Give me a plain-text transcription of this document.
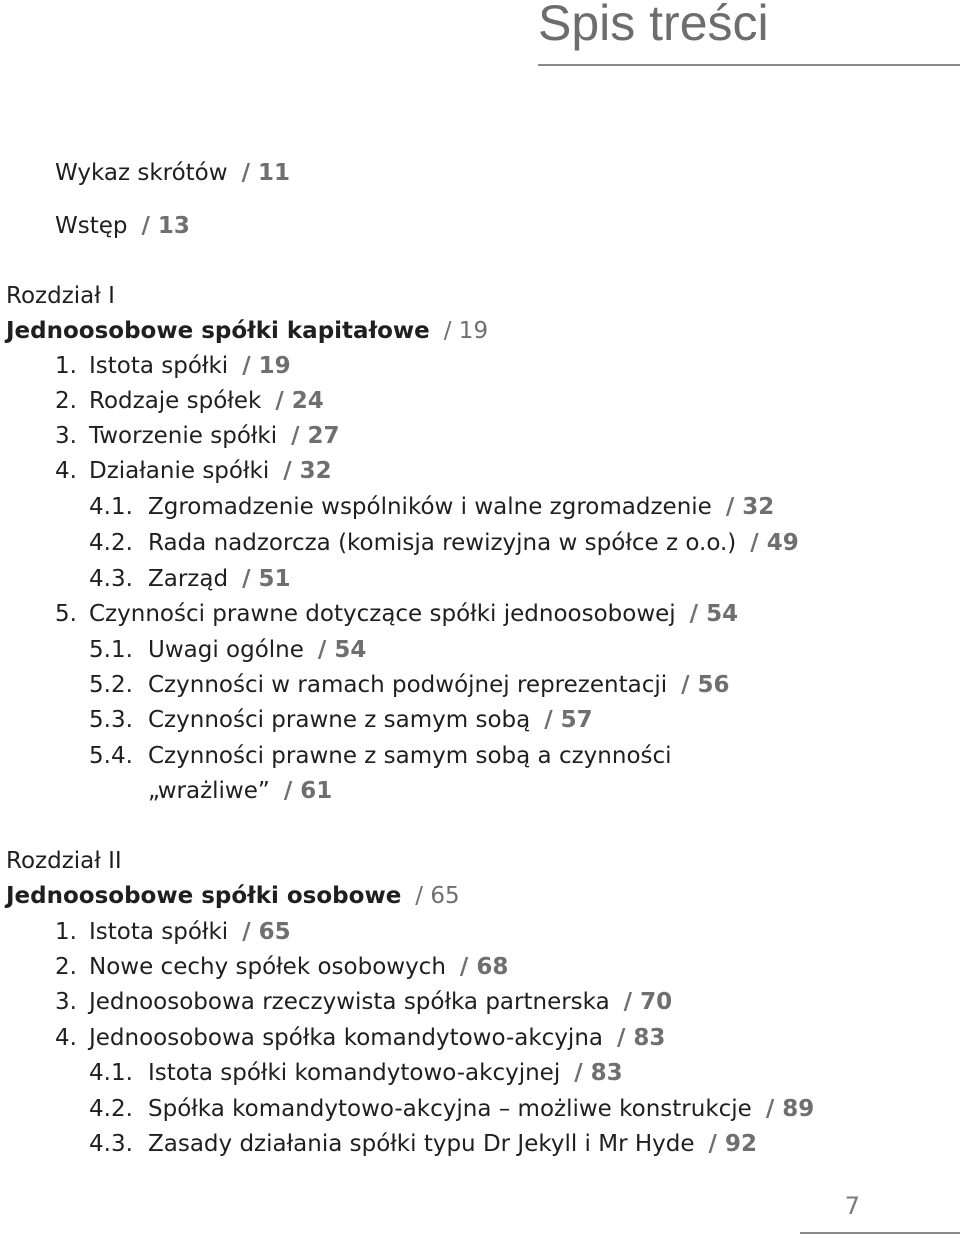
Spis treści
Wykaz skrótów / 11
Wstęp / 13
Rozdział I
Jednoosobowe spółki kapitałowe / 19
1. Istota spółki / 19
2. Rodzaje spółek / 24
3. Tworzenie spółki / 27
4. Działanie spółki / 32
4.1. Zgromadzenie wspólników i walne zgromadzenie / 32
4.2. Rada nadzorcza (komisja rewizyjna w spółce z o.o.) / 49
4.3. Zarząd / 51
5. Czynności prawne dotyczące spółki jednoosobowej / 54
5.1. Uwagi ogólne / 54
5.2. Czynności w ramach podwójnej reprezentacji / 56
5.3. Czynności prawne z samym sobą / 57
5.4. Czynności prawne z samym sobą a czynności
„wrażliwe” / 61
Rozdział II
Jednoosobowe spółki osobowe / 65
1. Istota spółki / 65
2. Nowe cechy spółek osobowych / 68
3. Jednoosobowa rzeczywista spółka partnerska / 70
4. Jednoosobowa spółka komandytowo-akcyjna / 83
4.1. Istota spółki komandytowo-akcyjnej / 83
4.2. Spółka komandytowo-akcyjna – możliwe konstrukcje / 89
4.3. Zasady działania spółki typu Dr Jekyll i Mr Hyde / 92
7
